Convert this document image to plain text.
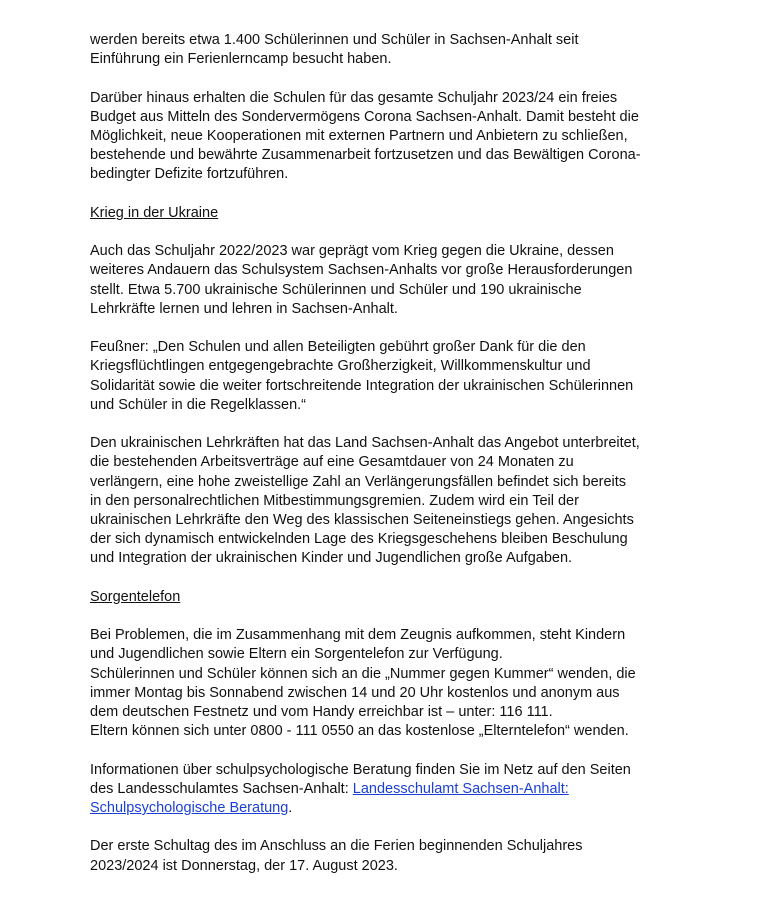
werden bereits etwa 1.400 Schülerinnen und Schüler in Sachsen-Anhalt seit
Einführung ein Ferienlerncamp besucht haben.

Darüber hinaus erhalten die Schulen für das gesamte Schuljahr 2023/24 ein freies
Budget aus Mitteln des Sondervermögens Corona Sachsen-Anhalt. Damit besteht die
Möglichkeit, neue Kooperationen mit externen Partnern und Anbietern zu schließen,
bestehende und bewährte Zusammenarbeit fortzusetzen und das Bewältigen Corona-
bedingter Defizite fortzuführen.

Krieg in der Ukraine

Auch das Schuljahr 2022/2023 war geprägt vom Krieg gegen die Ukraine, dessen
weiteres Andauern das Schulsystem Sachsen-Anhalts vor große Herausforderungen
stellt. Etwa 5.700 ukrainische Schülerinnen und Schüler und 190 ukrainische
Lehrkräfte lernen und lehren in Sachsen-Anhalt.

Feußner: „Den Schulen und allen Beteiligten gebührt großer Dank für die den
Kriegsflüchtlingen entgegengebrachte Großherzigkeit, Willkommenskultur und
Solidarität sowie die weiter fortschreitende Integration der ukrainischen Schülerinnen
und Schüler in die Regelklassen.“

Den ukrainischen Lehrkräften hat das Land Sachsen-Anhalt das Angebot unterbreitet,
die bestehenden Arbeitsverträge auf eine Gesamtdauer von 24 Monaten zu
verlängern, eine hohe zweistellige Zahl an Verlängerungsfällen befindet sich bereits
in den personalrechtlichen Mitbestimmungsgremien. Zudem wird ein Teil der
ukrainischen Lehrkräfte den Weg des klassischen Seiteneinstiegs gehen. Angesichts
der sich dynamisch entwickelnden Lage des Kriegsgeschehens bleiben Beschulung
und Integration der ukrainischen Kinder und Jugendlichen große Aufgaben.

Sorgentelefon

Bei Problemen, die im Zusammenhang mit dem Zeugnis aufkommen, steht Kindern
und Jugendlichen sowie Eltern ein Sorgentelefon zur Verfügung.
Schülerinnen und Schüler können sich an die „Nummer gegen Kummer“ wenden, die
immer Montag bis Sonnabend zwischen 14 und 20 Uhr kostenlos und anonym aus
dem deutschen Festnetz und vom Handy erreichbar ist – unter: 116 111.
Eltern können sich unter 0800 - 111 0550 an das kostenlose „Elterntelefon“ wenden.

Informationen über schulpsychologische Beratung finden Sie im Netz auf den Seiten
des Landesschulamtes Sachsen-Anhalt: Landesschulamt Sachsen-Anhalt:
Schulpsychologische Beratung.

Der erste Schultag des im Anschluss an die Ferien beginnenden Schuljahres
2023/2024 ist Donnerstag, der 17. August 2023.
